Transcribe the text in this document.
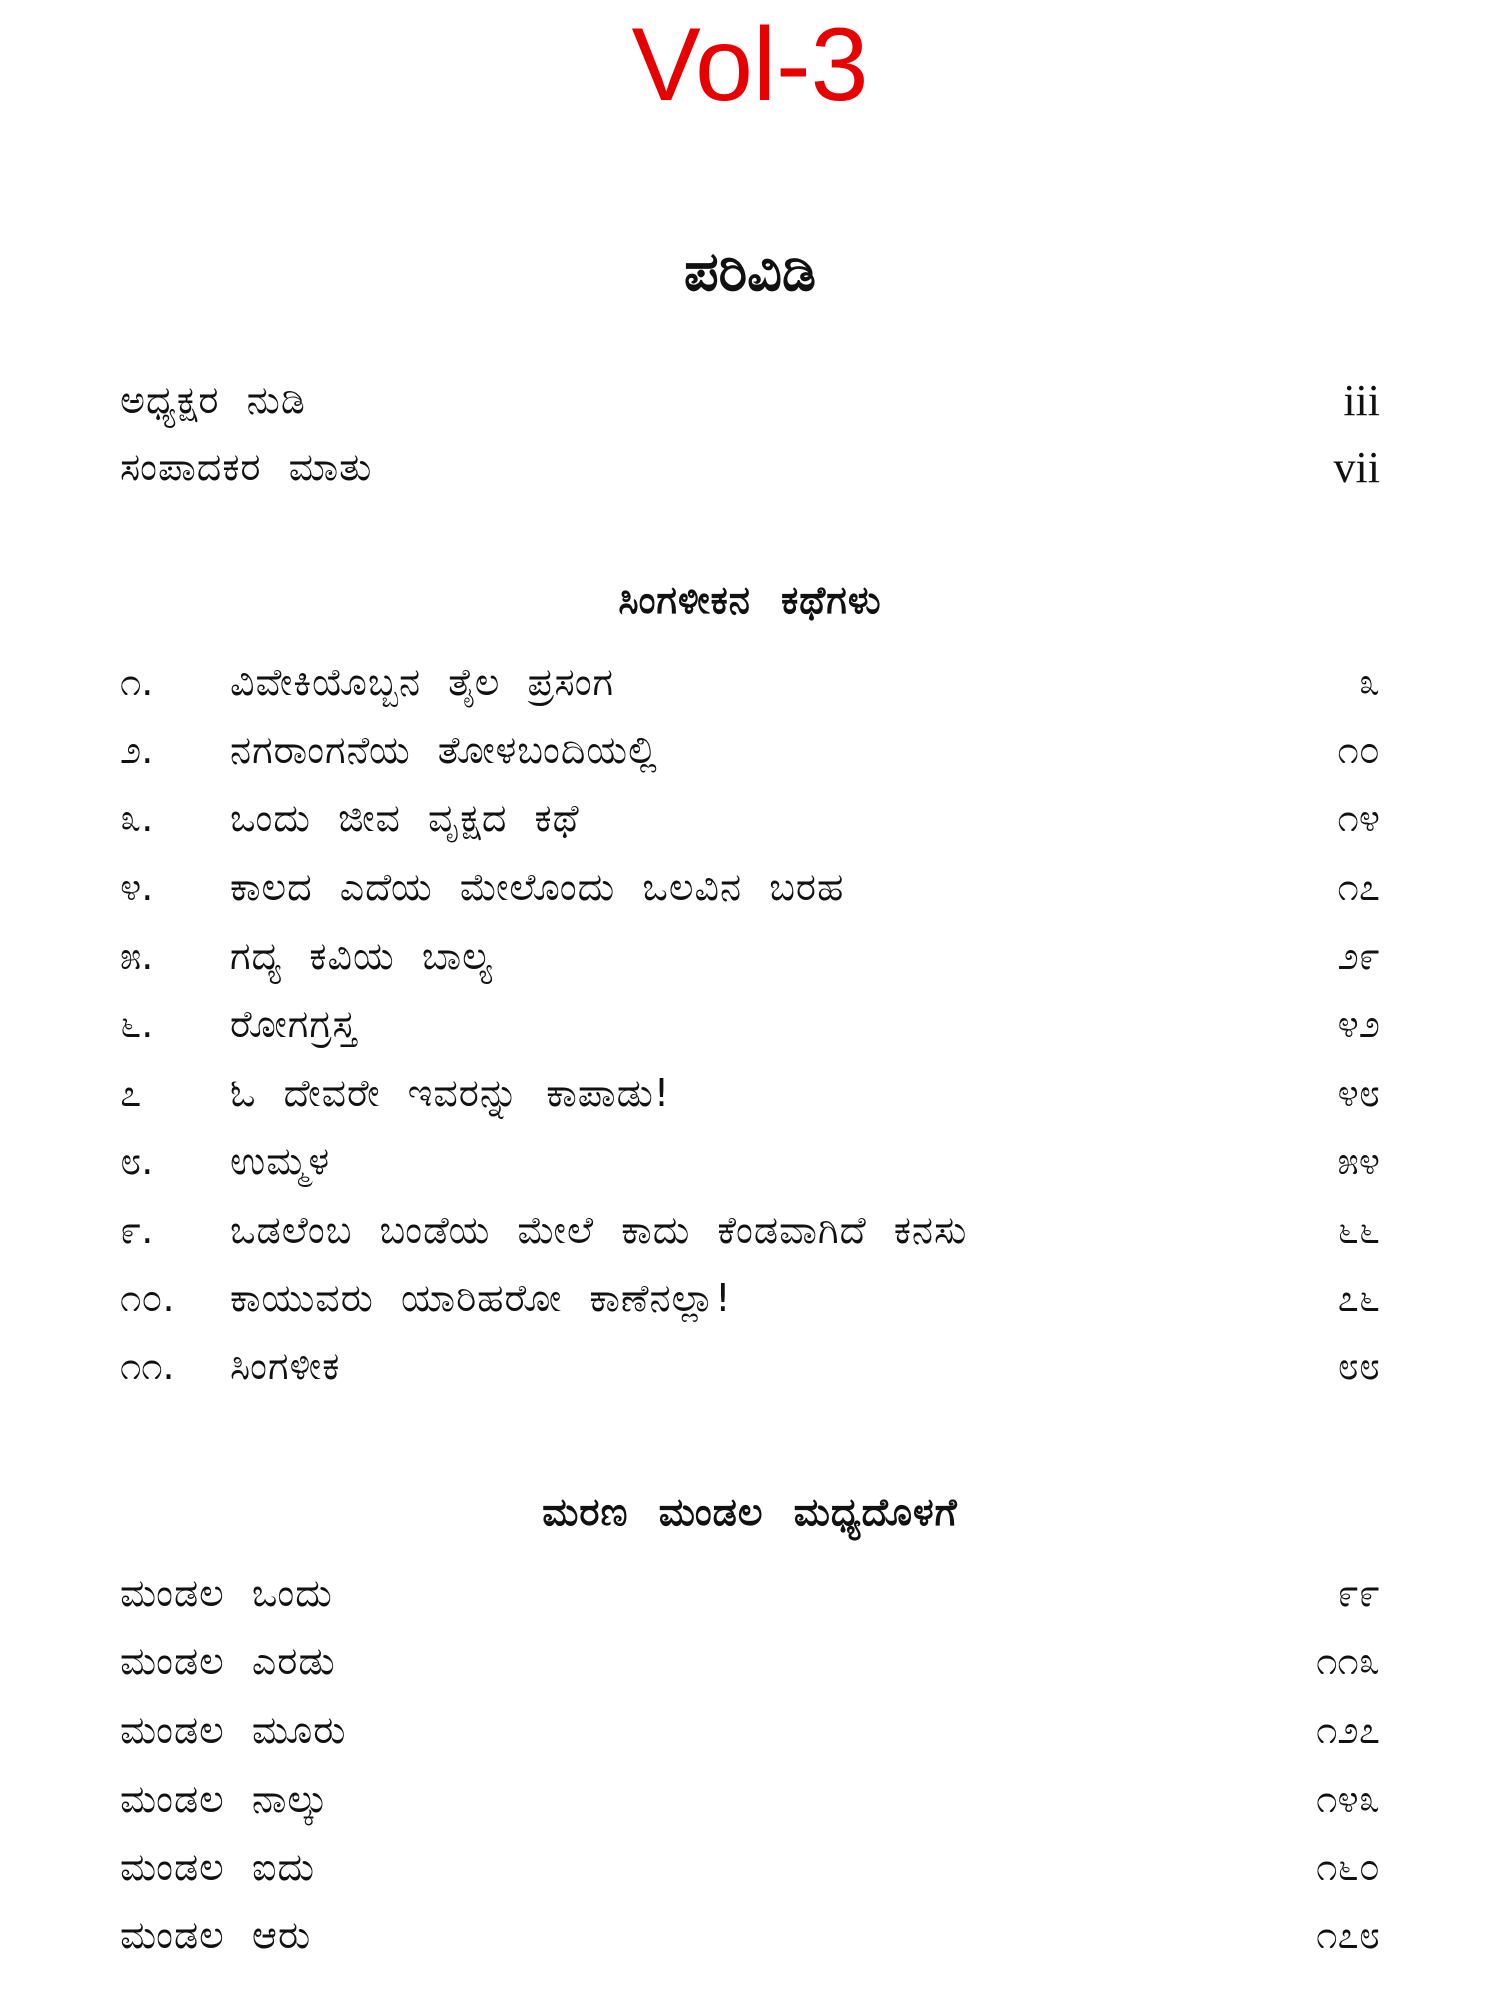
Vol-3
ಪರಿವಿಡಿ
ಅಧ್ಯಕ್ಷರ ನುಡಿ	iii
ಸಂಪಾದಕರ ಮಾತು	vii
ಸಿಂಗಳೀಕನ ಕಥೆಗಳು
೧.	ವಿವೇಕಿಯೊಬ್ಬನ ತೈಲ ಪ್ರಸಂಗ	೩
೨.	ನಗರಾಂಗನೆಯ ತೋಳಬಂದಿಯಲ್ಲಿ	೧೦
೩.	ಒಂದು ಜೀವ ವೃಕ್ಷದ ಕಥೆ	೧೪
೪.	ಕಾಲದ ಎದೆಯ ಮೇಲೊಂದು ಒಲವಿನ ಬರಹ	೧೭
೫.	ಗದ್ಯ ಕವಿಯ ಬಾಲ್ಯ	೨೯
೬.	ರೋಗಗ್ರಸ್ತ	೪೨
೭	ಓ ದೇವರೇ ಇವರನ್ನು ಕಾಪಾಡು!	೪೮
೮.	ಉಮ್ಮಳ	೫೪
೯.	ಒಡಲೆಂಬ ಬಂಡೆಯ ಮೇಲೆ ಕಾದು ಕೆಂಡವಾಗಿದೆ ಕನಸು	೬೬
೧೦.	ಕಾಯುವರು ಯಾರಿಹರೋ ಕಾಣೆನಲ್ಲಾ!	೭೬
೧೧.	ಸಿಂಗಳೀಕ	೮೮
ಮರಣ ಮಂಡಲ ಮಧ್ಯದೊಳಗೆ
ಮಂಡಲ ಒಂದು	೯೯
ಮಂಡಲ ಎರಡು	೧೧೩
ಮಂಡಲ ಮೂರು	೧೨೭
ಮಂಡಲ ನಾಲ್ಕು	೧೪೩
ಮಂಡಲ ಐದು	೧೬೦
ಮಂಡಲ ಆರು	೧೭೮
